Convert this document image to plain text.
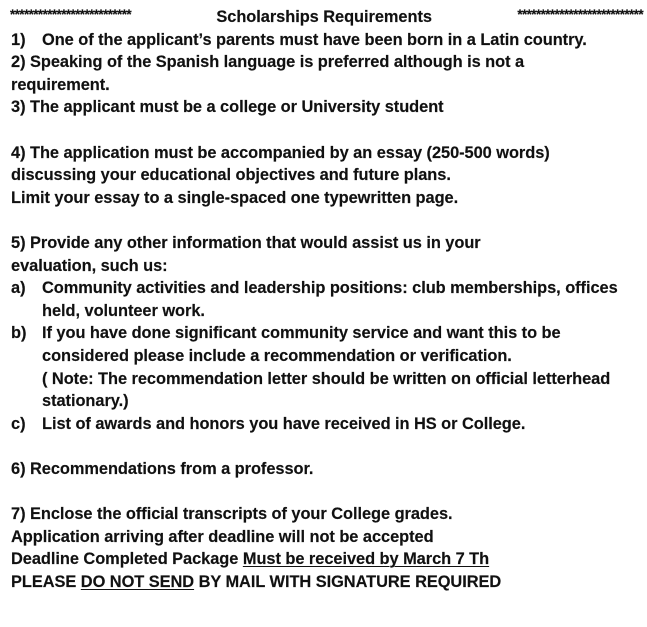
**************************	Scholarships Requirements	***************************
1)	One of the applicant’s parents must have been born in a Latin country.
2) Speaking of the Spanish language is preferred although is not a requirement.
3) The applicant must be a college or University student
4) The application must be accompanied by an essay (250-500 words)
discussing your educational objectives and future plans.
Limit your essay to a single-spaced one typewritten page.
5) Provide any other information that would assist us in your evaluation, such us:
a)	Community activities and leadership positions: club memberships, offices held, volunteer work.
b) If you have done significant community service and want this to be considered please include a recommendation or verification.
( Note: The recommendation letter should be written on official letterhead stationary.)
c)	List of awards and honors you have received in HS or College.
6) Recommendations from a professor.
7) Enclose the official transcripts of your College grades.
Application arriving after deadline will not be accepted
Deadline Completed Package Must be received by March 7 Th
PLEASE DO NOT SEND BY MAIL WITH SIGNATURE REQUIRED
